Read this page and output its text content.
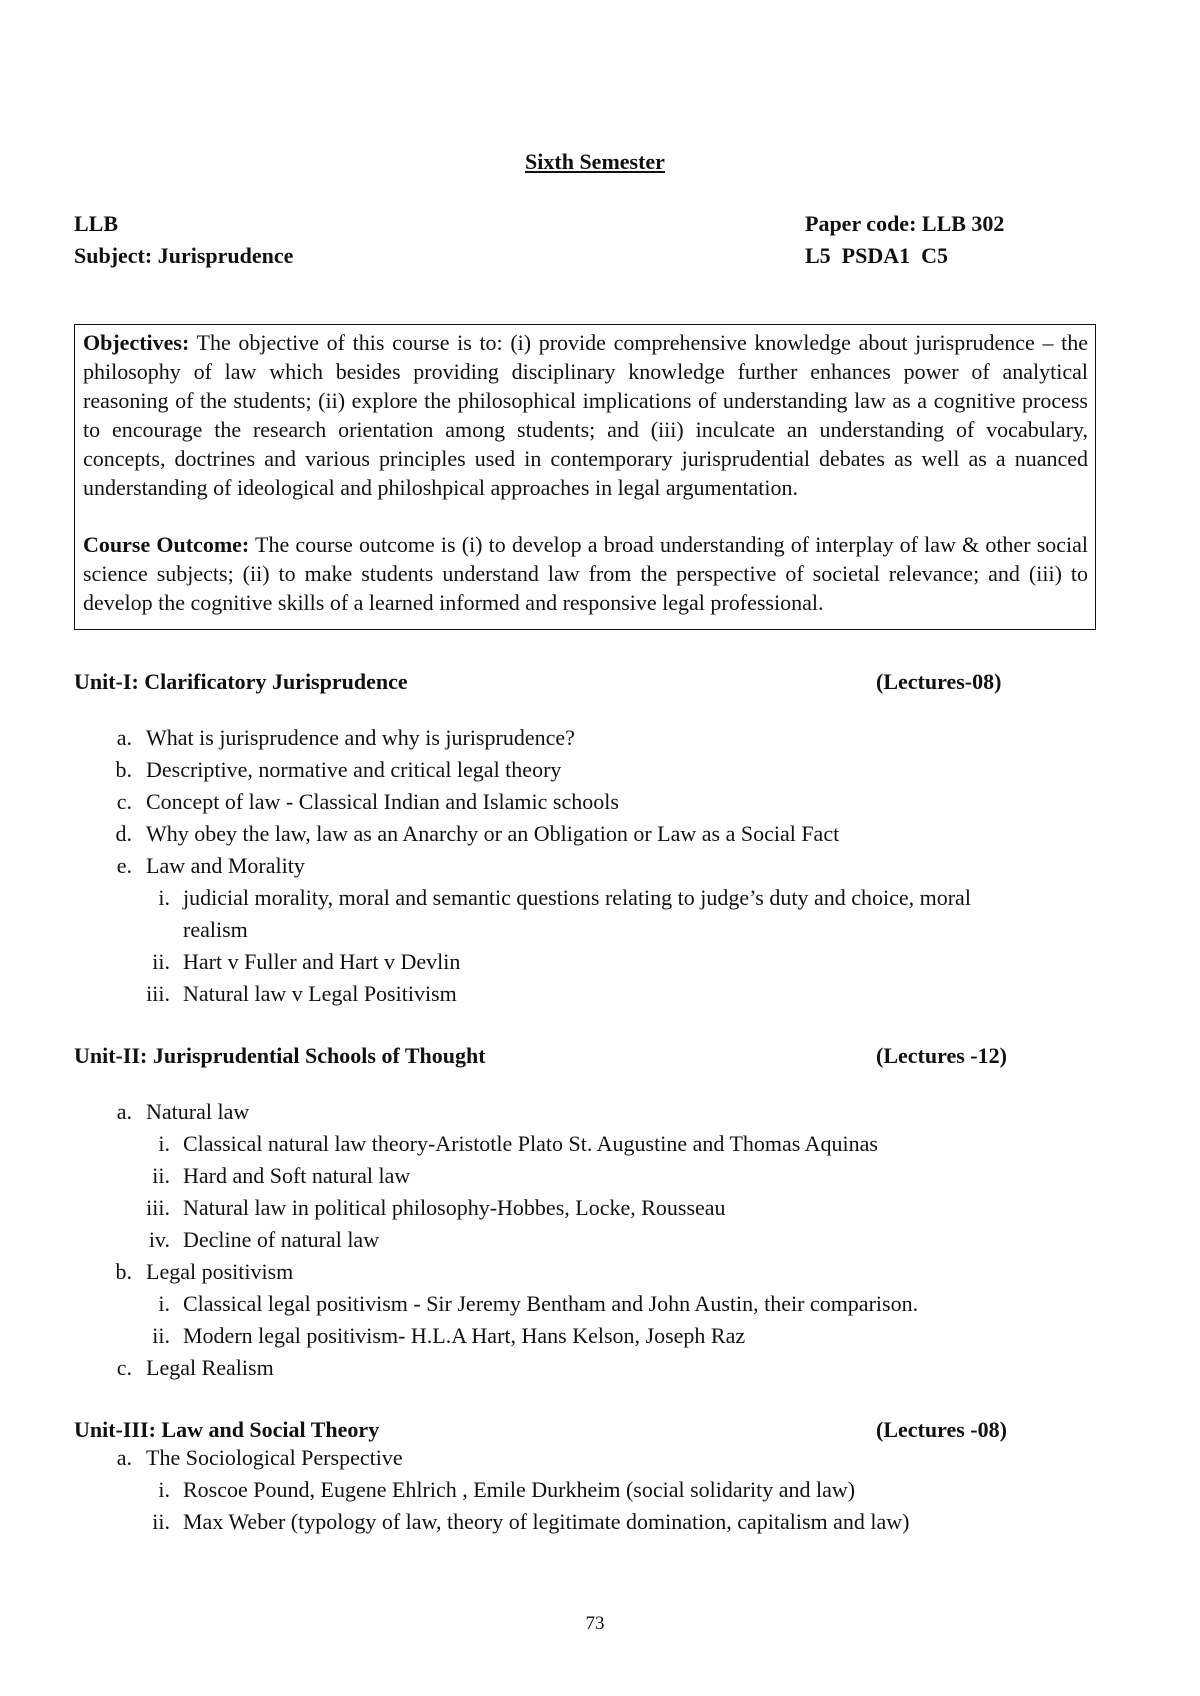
Sixth Semester
LLB
Subject: Jurisprudence
Paper code: LLB 302
L5  PSDA1  C5

Objectives: The objective of this course is to: (i) provide comprehensive knowledge about jurisprudence – the philosophy of law which besides providing disciplinary knowledge further enhances power of analytical reasoning of the students; (ii) explore the philosophical implications of understanding law as a cognitive process to encourage the research orientation among students; and (iii) inculcate an understanding of vocabulary, concepts, doctrines and various principles used in contemporary jurisprudential debates as well as a nuanced understanding of ideological and philoshpical approaches in legal argumentation.

Course Outcome: The course outcome is (i) to develop a broad understanding of interplay of law & other social science subjects; (ii) to make students understand law from the perspective of societal relevance; and (iii) to develop the cognitive skills of a learned informed and responsive legal professional.

Unit-I: Clarificatory Jurisprudence	(Lectures-08)
a. What is jurisprudence and why is jurisprudence?
b. Descriptive, normative and critical legal theory
c. Concept of law - Classical Indian and Islamic schools
d. Why obey the law, law as an Anarchy or an Obligation or Law as a Social Fact
e. Law and Morality
i. judicial morality, moral and semantic questions relating to judge’s duty and choice, moral
realism
ii. Hart v Fuller and Hart v Devlin
iii. Natural law v Legal Positivism
Unit-II: Jurisprudential Schools of Thought	(Lectures -12)
a. Natural law
i. Classical natural law theory-Aristotle Plato St. Augustine and Thomas Aquinas
ii. Hard and Soft natural law
iii. Natural law in political philosophy-Hobbes, Locke, Rousseau
iv. Decline of natural law
b. Legal positivism
i. Classical legal positivism - Sir Jeremy Bentham and John Austin, their comparison.
ii. Modern legal positivism- H.L.A Hart, Hans Kelson, Joseph Raz
c. Legal Realism
Unit-III: Law and Social Theory	(Lectures -08)
a. The Sociological Perspective
i. Roscoe Pound, Eugene Ehlrich , Emile Durkheim (social solidarity and law)
ii. Max Weber (typology of law, theory of legitimate domination, capitalism and law)
73
